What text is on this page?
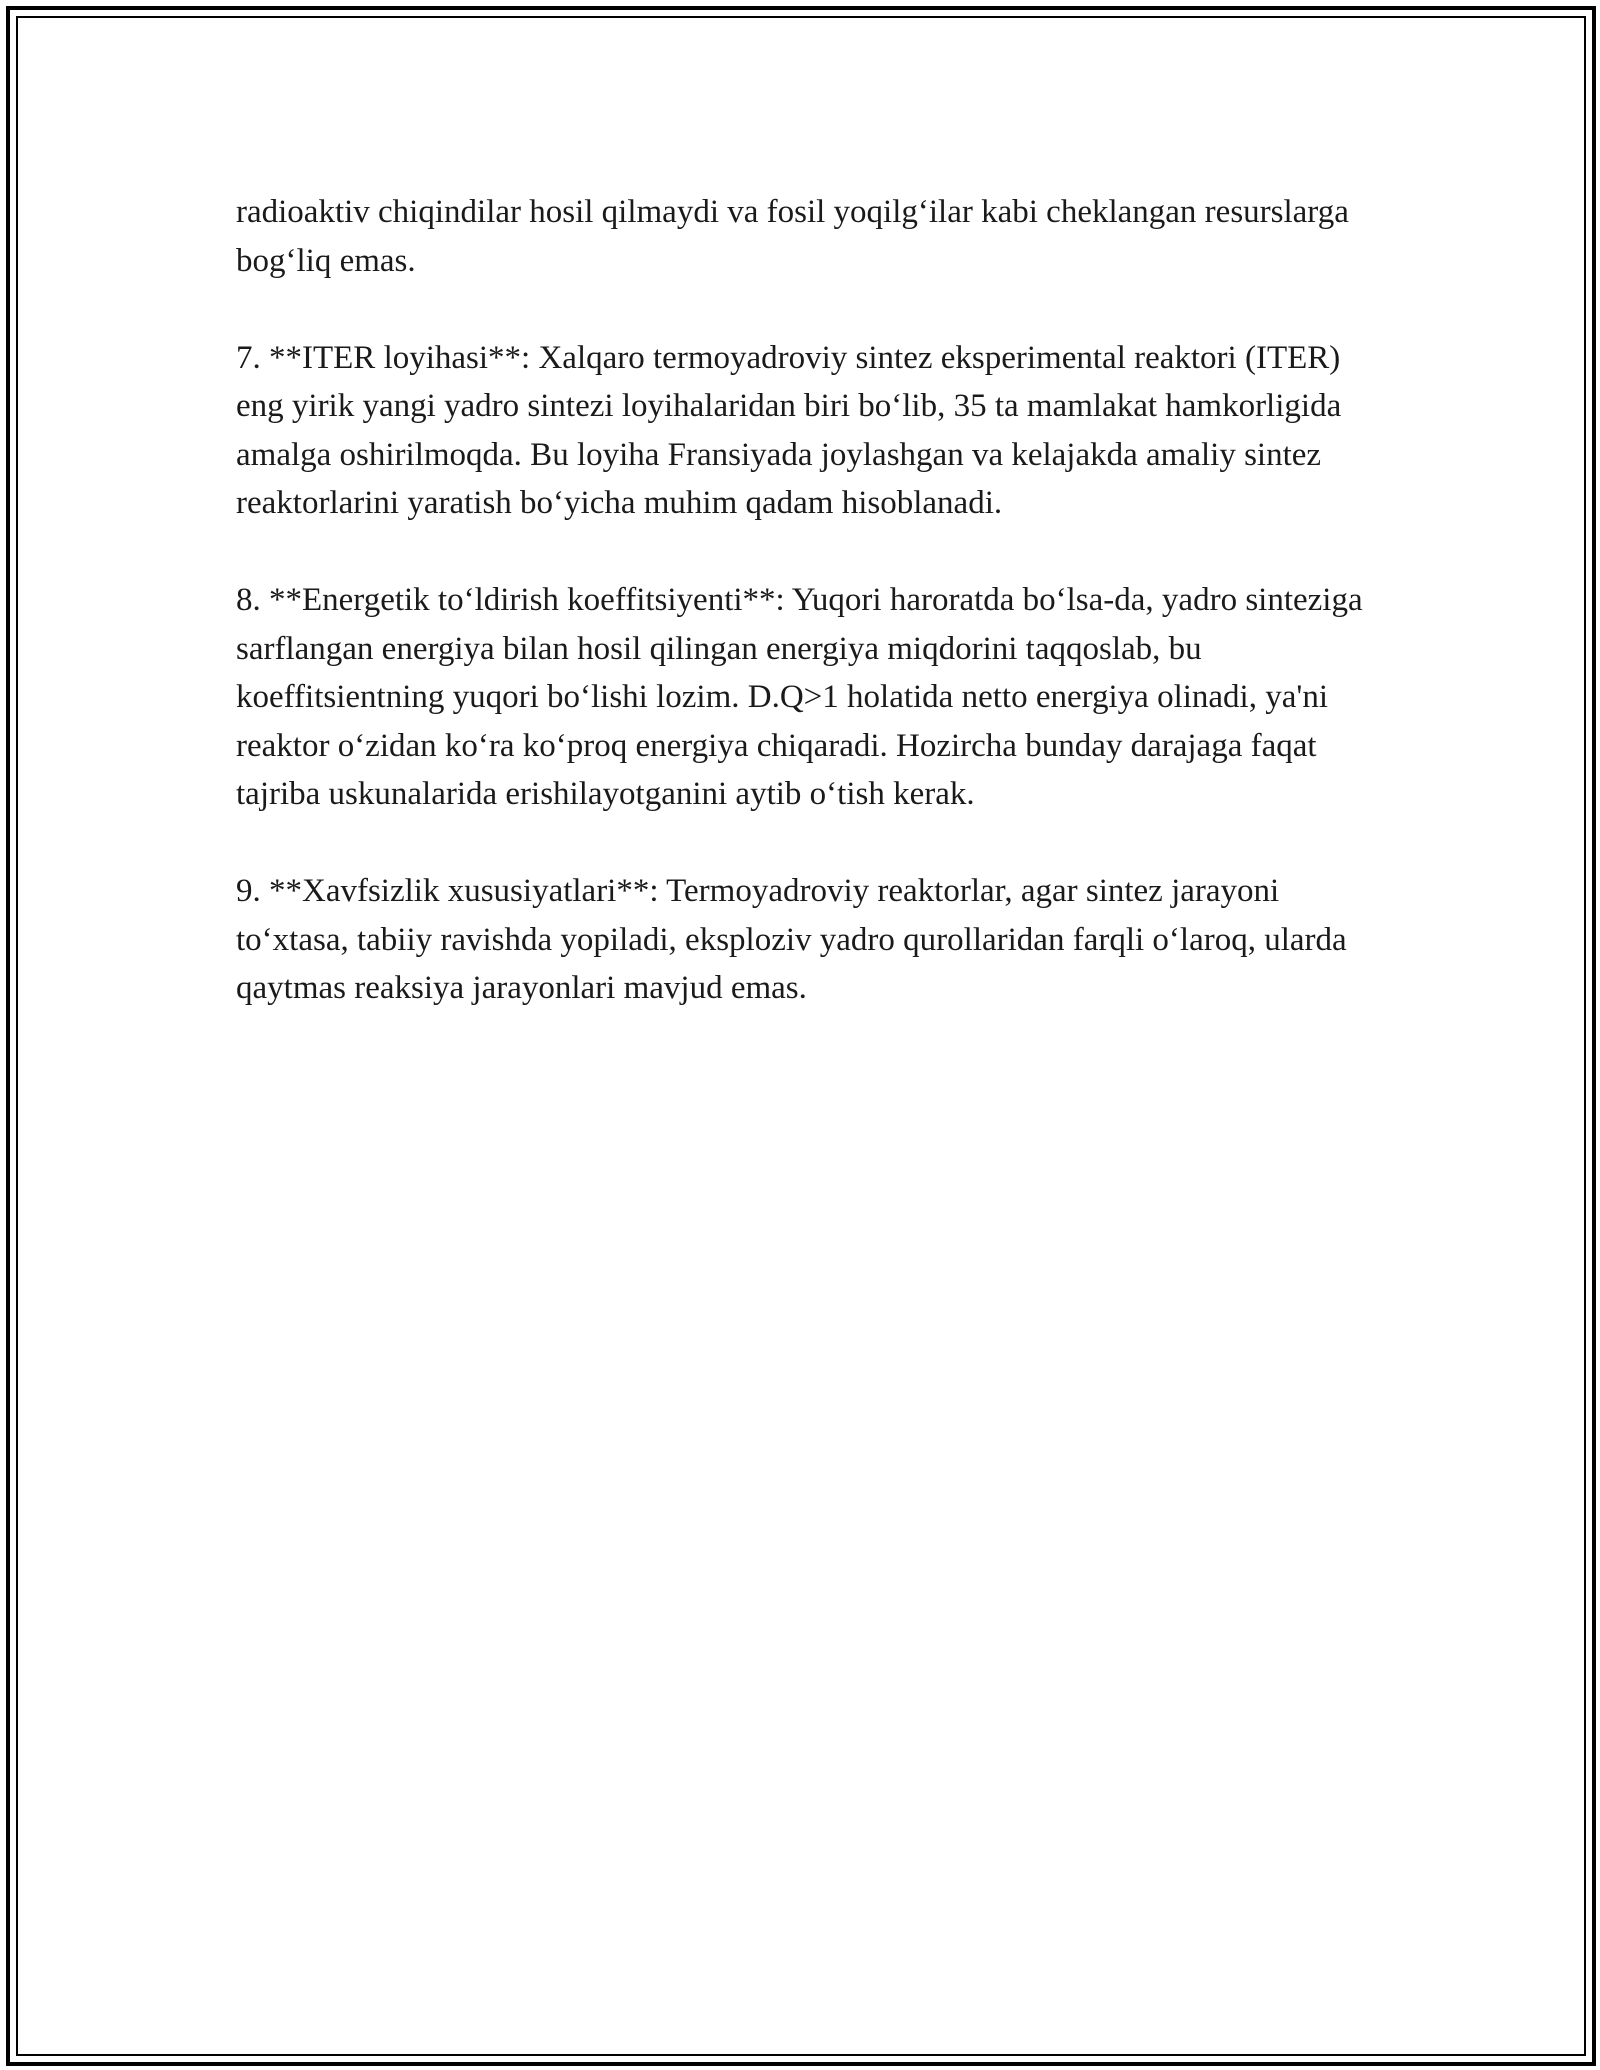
radioaktiv chiqindilar hosil qilmaydi va fosil yoqilg‘ilar kabi cheklangan resurslarga bog‘liq emas.

7. **ITER loyihasi**: Xalqaro termoyadroviy sintez eksperimental reaktori (ITER) eng yirik yangi yadro sintezi loyihalaridan biri bo‘lib, 35 ta mamlakat hamkorligida amalga oshirilmoqda. Bu loyiha Fransiyada joylashgan va kelajakda amaliy sintez reaktorlarini yaratish bo‘yicha muhim qadam hisoblanadi.

8. **Energetik to‘ldirish koeffitsiyenti**: Yuqori haroratda bo‘lsa-da, yadro sinteziga sarflangan energiya bilan hosil qilingan energiya miqdorini taqqoslab, bu koeffitsientning yuqori bo‘lishi lozim. D.Q>1 holatida netto energiya olinadi, ya'ni reaktor o‘zidan ko‘ra ko‘proq energiya chiqaradi. Hozircha bunday darajaga faqat tajriba uskunalarida erishilayotganini aytib o‘tish kerak.

9. **Xavfsizlik xususiyatlari**: Termoyadroviy reaktorlar, agar sintez jarayoni to‘xtasa, tabiiy ravishda yopiladi, eksploziv yadro qurollaridan farqli o‘laroq, ularda qaytmas reaksiya jarayonlari mavjud emas.
